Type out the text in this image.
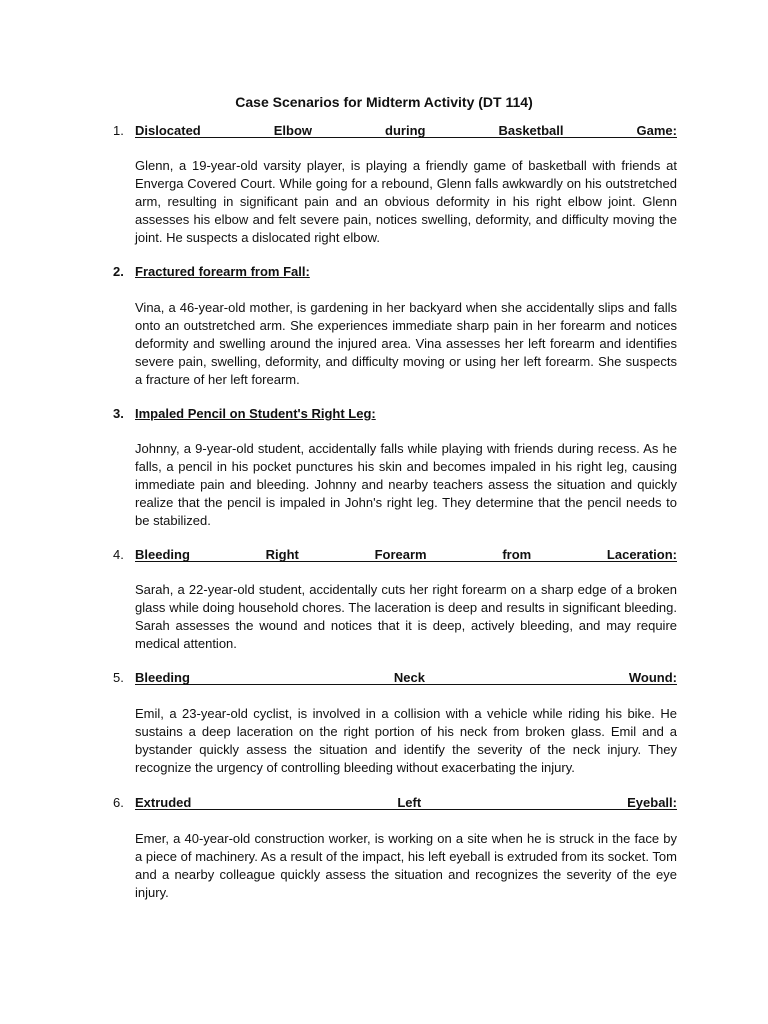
Case Scenarios for Midterm Activity (DT 114)
1. Dislocated	Elbow	during	Basketball	Game:

Glenn, a 19-year-old varsity player, is playing a friendly game of basketball with friends at Enverga Covered Court. While going for a rebound, Glenn falls awkwardly on his outstretched arm, resulting in significant pain and an obvious deformity in his right elbow joint. Glenn assesses his elbow and felt severe pain, notices swelling, deformity, and difficulty moving the joint. He suspects a dislocated right elbow.

2. Fractured forearm from Fall:

Vina, a 46-year-old mother, is gardening in her backyard when she accidentally slips and falls onto an outstretched arm. She experiences immediate sharp pain in her forearm and notices deformity and swelling around the injured area. Vina assesses her left forearm and identifies severe pain, swelling, deformity, and difficulty moving or using her left forearm. She suspects a fracture of her left forearm.

3. Impaled Pencil on Student's Right Leg:

Johnny, a 9-year-old student, accidentally falls while playing with friends during recess. As he falls, a pencil in his pocket punctures his skin and becomes impaled in his right leg, causing immediate pain and bleeding. Johnny and nearby teachers assess the situation and quickly realize that the pencil is impaled in John's right leg. They determine that the pencil needs to be stabilized.

4. Bleeding	Right	Forearm	from	Laceration:

Sarah, a 22-year-old student, accidentally cuts her right forearm on a sharp edge of a broken glass while doing household chores. The laceration is deep and results in significant bleeding. Sarah assesses the wound and notices that it is deep, actively bleeding, and may require medical attention.

5. Bleeding	Neck	Wound:

Emil, a 23-year-old cyclist, is involved in a collision with a vehicle while riding his bike. He sustains a deep laceration on the right portion of his neck from broken glass. Emil and a bystander quickly assess the situation and identify the severity of the neck injury. They recognize the urgency of controlling bleeding without exacerbating the injury.

6. Extruded	Left	Eyeball:

Emer, a 40-year-old construction worker, is working on a site when he is struck in the face by a piece of machinery. As a result of the impact, his left eyeball is extruded from its socket. Tom and a nearby colleague quickly assess the situation and recognizes the severity of the eye injury.
